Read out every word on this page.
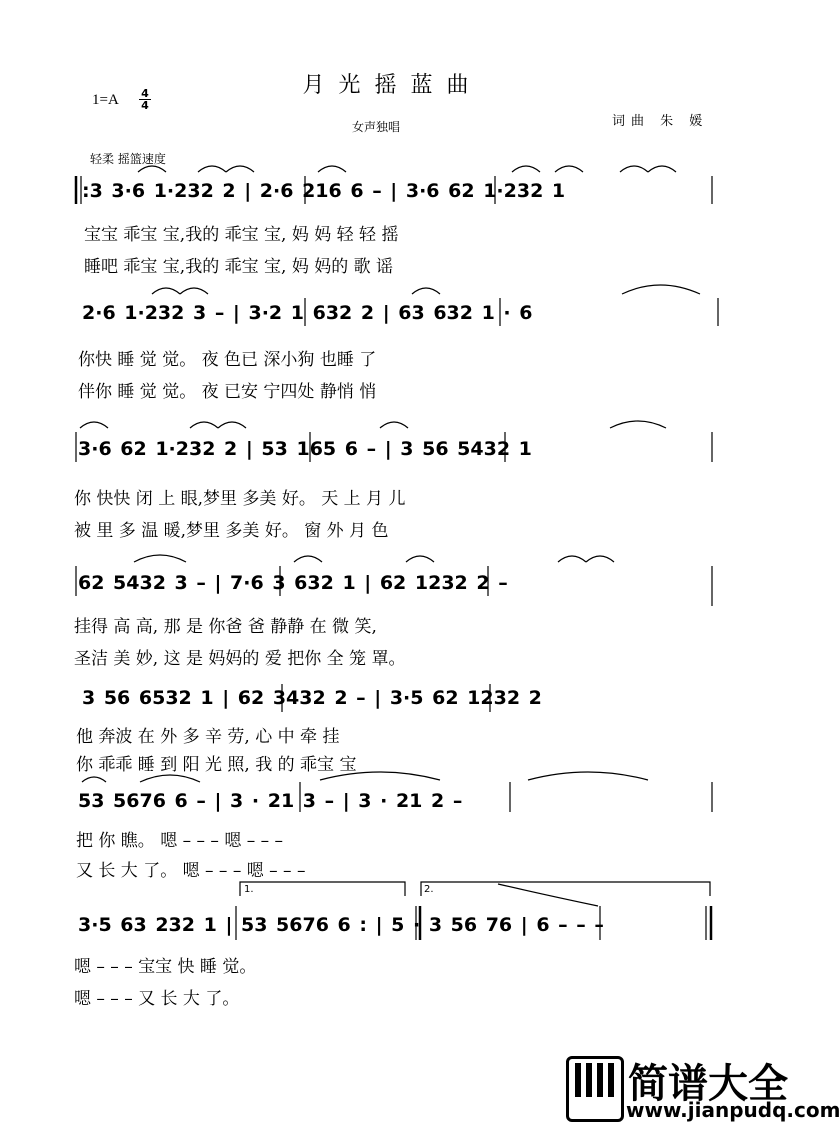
月光摇蓝曲
1=A 4
4
女声独唱	词曲 朱 媛
轻柔 摇篮速度
:3 3·6 1·232 2 | 2·6 216 6 – | 3·6 62 1·232 1
宝宝 乖宝 宝,我的 乖宝 宝, 妈 妈 轻 轻 摇
睡吧 乖宝 宝,我的 乖宝 宝, 妈 妈的 歌 谣
2·6 1·232 3 – | 3·2 1 632 2 | 63 632 1 · 6
你快 睡 觉 觉。 夜 色已 深小狗 也睡 了
伴你 睡 觉 觉。 夜 已安 宁四处 静悄 悄
3·6 62 1·232 2 | 53 165 6 – | 3 56 5432 1
你 快快 闭 上 眼,梦里 多美 好。 天 上 月 儿
被 里 多 温 暖,梦里 多美 好。 窗 外 月 色
62 5432 3 – | 7·6 3 632 1 | 62 1232 2 –
挂得 高 高, 那 是 你爸 爸 静静 在 微 笑,
圣洁 美 妙, 这 是 妈妈的 爱 把你 全 笼 罩。
3 56 6532 1 | 62 3432 2 – | 3·5 62 1232 2
他 奔波 在 外 多 辛 劳, 心 中 牵 挂
你 乖乖 睡 到 阳 光 照, 我 的 乖宝 宝
53 5676 6 – | 3 · 21 3 – | 3 · 21 2 –
把 你 瞧。 嗯 – – – 嗯 – – –
又 长 大 了。 嗯 – – – 嗯 – – –
1.	2.
3·5 63 232 1 | 53 5676 6 : | 5 · 3 56 76 | 6 – – –
嗯 – – – 宝宝 快 睡 觉。
嗯 – – – 又 长 大 了。
简谱大全
www.jianpudq.com
